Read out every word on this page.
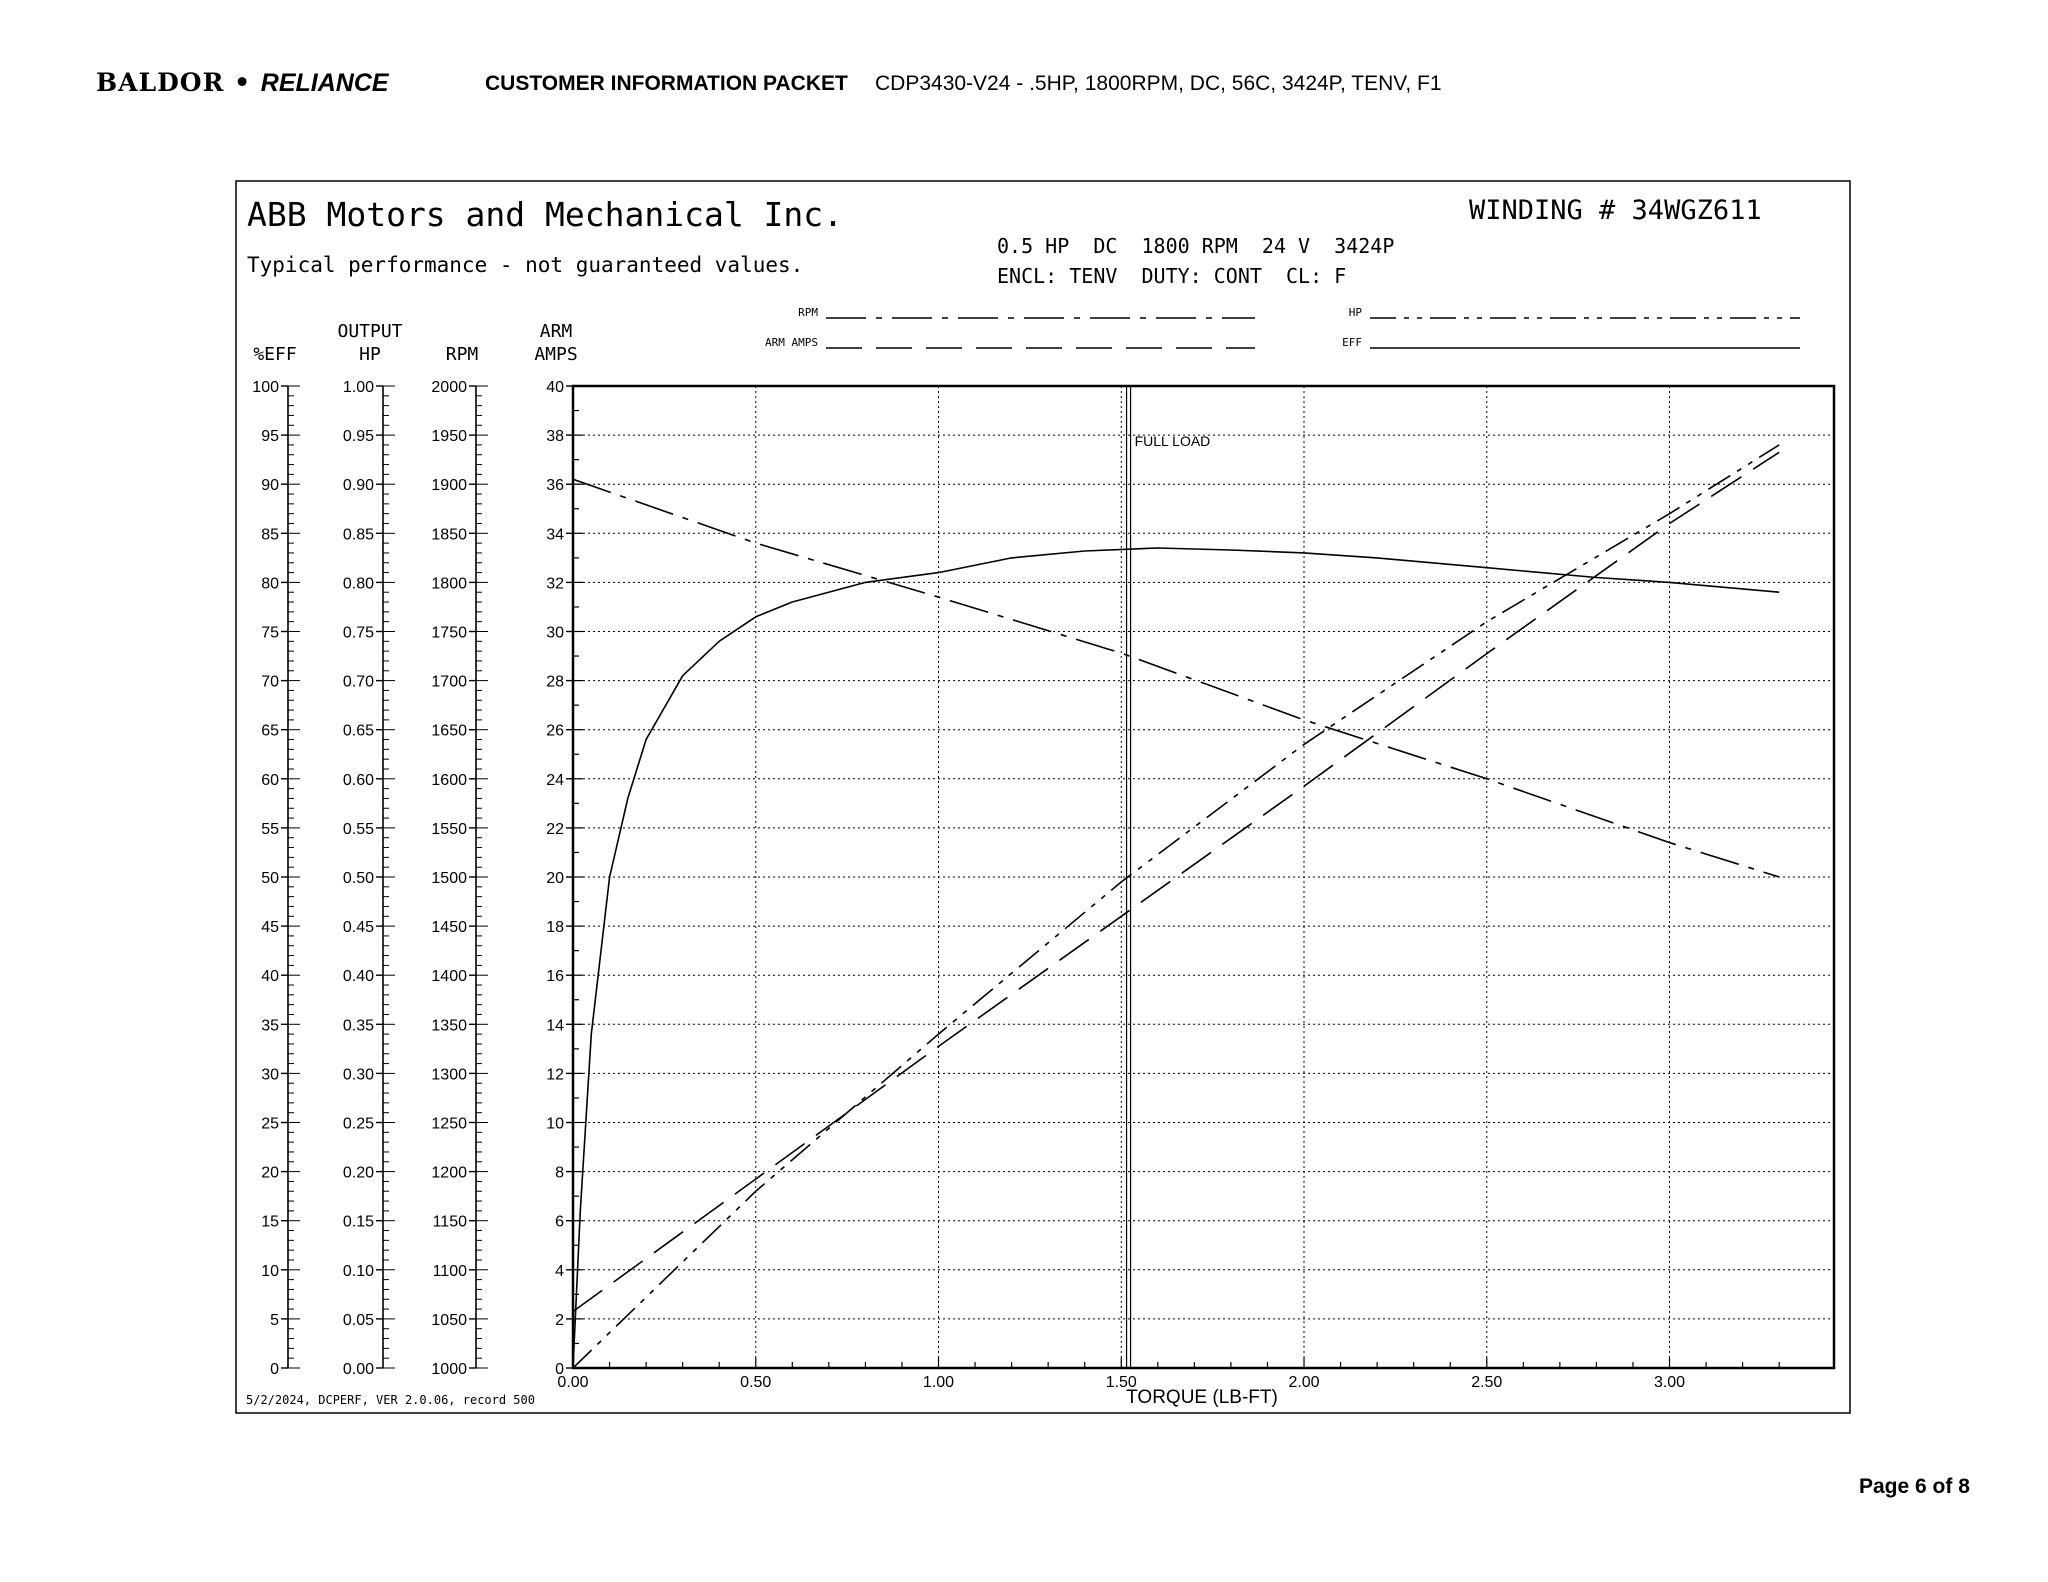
BALDOR • RELIANCE	CUSTOMER INFORMATION PACKET CDP3430-V24 - .5HP, 1800RPM, DC, 56C, 3424P, TENV, F1
ABB Motors and Mechanical Inc.
Typical performance - not guaranteed values.
WINDING # 34WGZ611
0.5 HP  DC  1800 RPM  24 V  3424P
ENCL: TENV  DUTY: CONT  CL: F
RPM
ARM AMPS
HP
EFF
%EFF
OUTPUT
HP	RPM
ARM
AMPS
0
5
10
15
20
25
30
35
40
45
50
55
60
65
70
75
80
85
90
95
100
0.00
0.05
0.10
0.15
0.20
0.25
0.30
0.35
0.40
0.45
0.50
0.55
0.60
0.65
0.70
0.75
0.80
0.85
0.90
0.95
1.00
1000
1050
1100
1150
1200
1250
1300
1350
1400
1450
1500
1550
1600
1650
1700
1750
1800
1850
1900
1950
2000
0
2
4
6
8
10
12
14
16
18
20
22
24
26
28
30
32
34
36
38
40
0.00	0.50	1.00	1.50	2.00	2.50	3.00
TORQUE (LB-FT)
FULL LOAD
5/2/2024, DCPERF, VER 2.0.06, record 500
Page 6 of 8
